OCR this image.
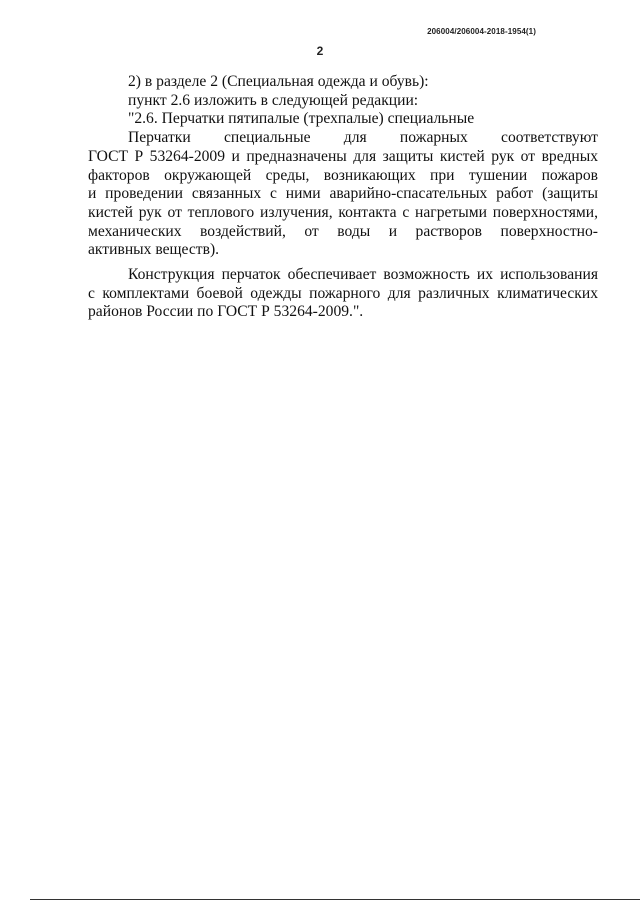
206004/206004-2018-1954(1)
2
2) в разделе 2 (Специальная одежда и обувь):
пункт 2.6 изложить в следующей редакции:
"2.6. Перчатки пятипалые (трехпалые) специальные
Перчатки специальные для пожарных соответствуют
ГОСТ Р 53264-2009 и предназначены для защиты кистей рук от вредных
факторов окружающей среды, возникающих при тушении пожаров
и проведении связанных с ними аварийно-спасательных работ (защиты
кистей рук от теплового излучения, контакта с нагретыми поверхностями,
механических воздействий, от воды и растворов поверхностно-
активных веществ).
Конструкция перчаток обеспечивает возможность их использования
с комплектами боевой одежды пожарного для различных климатических
районов России по ГОСТ Р 53264-2009.".
